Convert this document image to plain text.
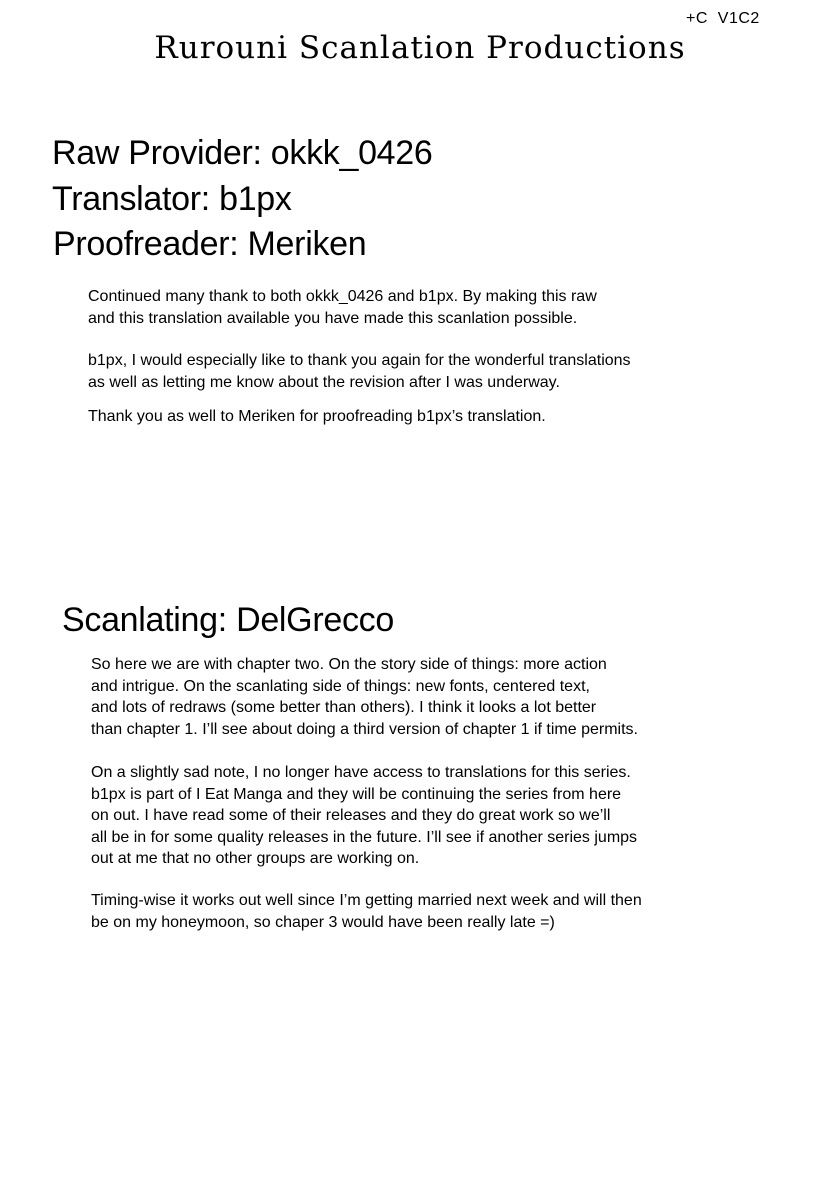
+C  V1C2
Rurouni Scanlation Productions
Raw Provider: okkk_0426
Translator: b1px
Proofreader: Meriken
Continued many thank to both okkk_0426 and b1px. By making this raw
and this translation available you have made this scanlation possible.
b1px, I would especially like to thank you again for the wonderful translations
as well as letting me know about the revision after I was underway.
Thank you as well to Meriken for proofreading b1px’s translation.
Scanlating: DelGrecco
So here we are with chapter two. On the story side of things: more action
and intrigue. On the scanlating side of things: new fonts, centered text,
and lots of redraws (some better than others). I think it looks a lot better
than chapter 1. I’ll see about doing a third version of chapter 1 if time permits.
On a slightly sad note, I no longer have access to translations for this series.
b1px is part of I Eat Manga and they will be continuing the series from here
on out. I have read some of their releases and they do great work so we’ll
all be in for some quality releases in the future. I’ll see if another series jumps
out at me that no other groups are working on.
Timing-wise it works out well since I’m getting married next week and will then
be on my honeymoon, so chaper 3 would have been really late =)
